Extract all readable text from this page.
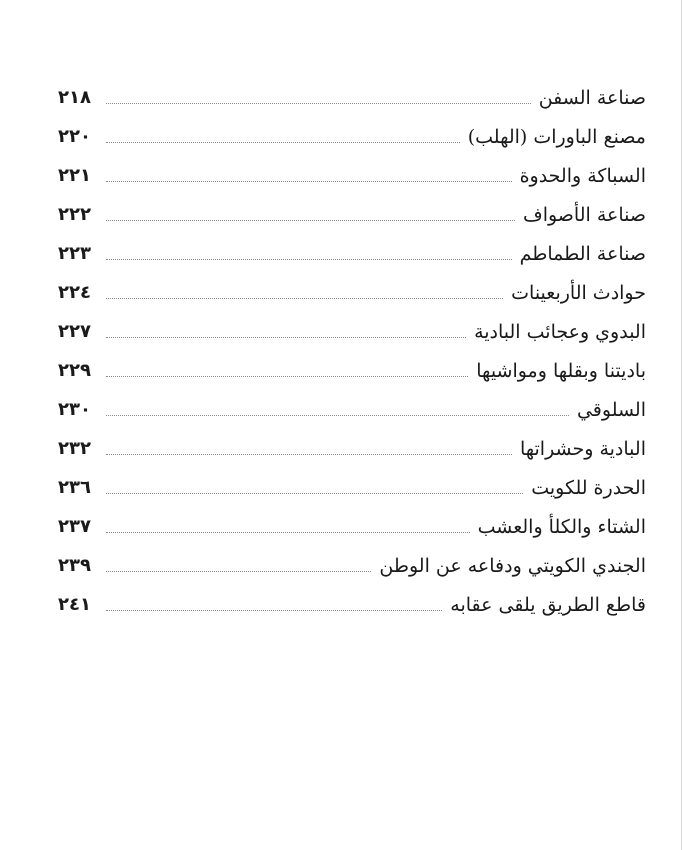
صناعة السفن
٢١٨
مصنع الباورات (الهلب)
٢٢٠
السباكة والحدوة
٢٢١
صناعة الأصواف
٢٢٢
صناعة الطماطم
٢٢٣
حوادث الأربعينات
٢٢٤
البدوي وعجائب البادية
٢٢٧
باديتنا وبقلها ومواشيها
٢٢٩
السلوقي
٢٣٠
البادية وحشراتها
٢٣٢
الحدرة للكويت
٢٣٦
الشتاء والكلأ والعشب
٢٣٧
الجندي الكويتي ودفاعه عن الوطن
٢٣٩
قاطع الطريق يلقى عقابه
٢٤١
